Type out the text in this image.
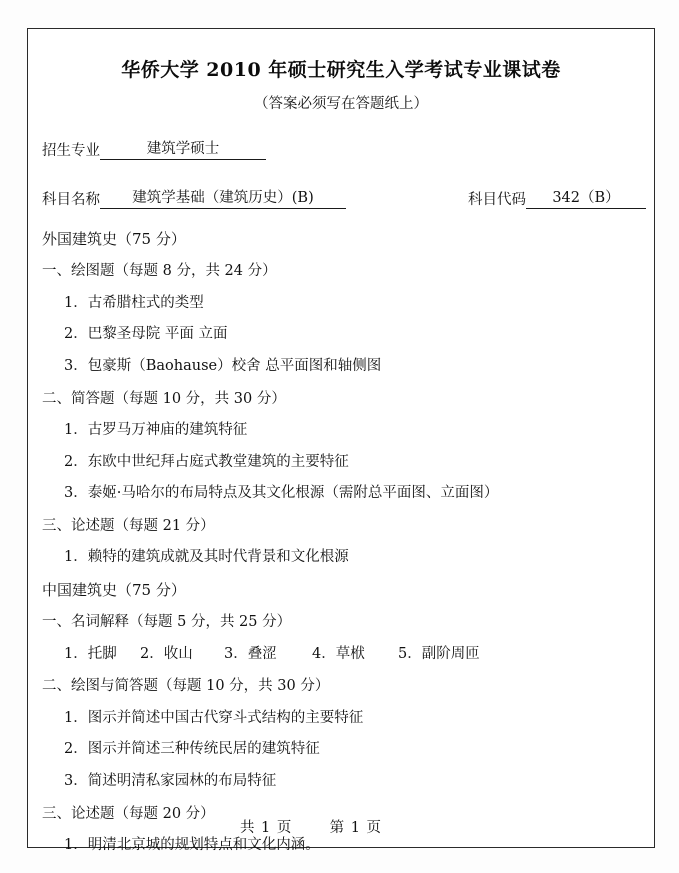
华侨大学 2010 年硕士研究生入学考试专业课试卷
（答案必须写在答题纸上）
招生专业	建筑学硕士
科目名称	建筑学基础（建筑历史）(B)	科目代码	342（B）
外国建筑史（75 分）
一、绘图题（每题 8 分，共 24 分）
1．古希腊柱式的类型
2．巴黎圣母院 平面 立面
3．包豪斯（Baohause）校舍 总平面图和轴侧图
二、简答题（每题 10 分，共 30 分）
1．古罗马万神庙的建筑特征
2．东欧中世纪拜占庭式教堂建筑的主要特征
3．泰姬·马哈尔的布局特点及其文化根源（需附总平面图、立面图）
三、论述题（每题 21 分）
1．赖特的建筑成就及其时代背景和文化根源
中国建筑史（75 分）
一、名词解释（每题 5 分，共 25 分）
1．托脚	2．收山	3．叠涩	4．草栿	5．副阶周匝
二、绘图与简答题（每题 10 分，共 30 分）
1．图示并简述中国古代穿斗式结构的主要特征
2．图示并简述三种传统民居的建筑特征
3．简述明清私家园林的布局特征
三、论述题（每题 20 分）
1．明清北京城的规划特点和文化内涵。
共 1 页	第 1 页
